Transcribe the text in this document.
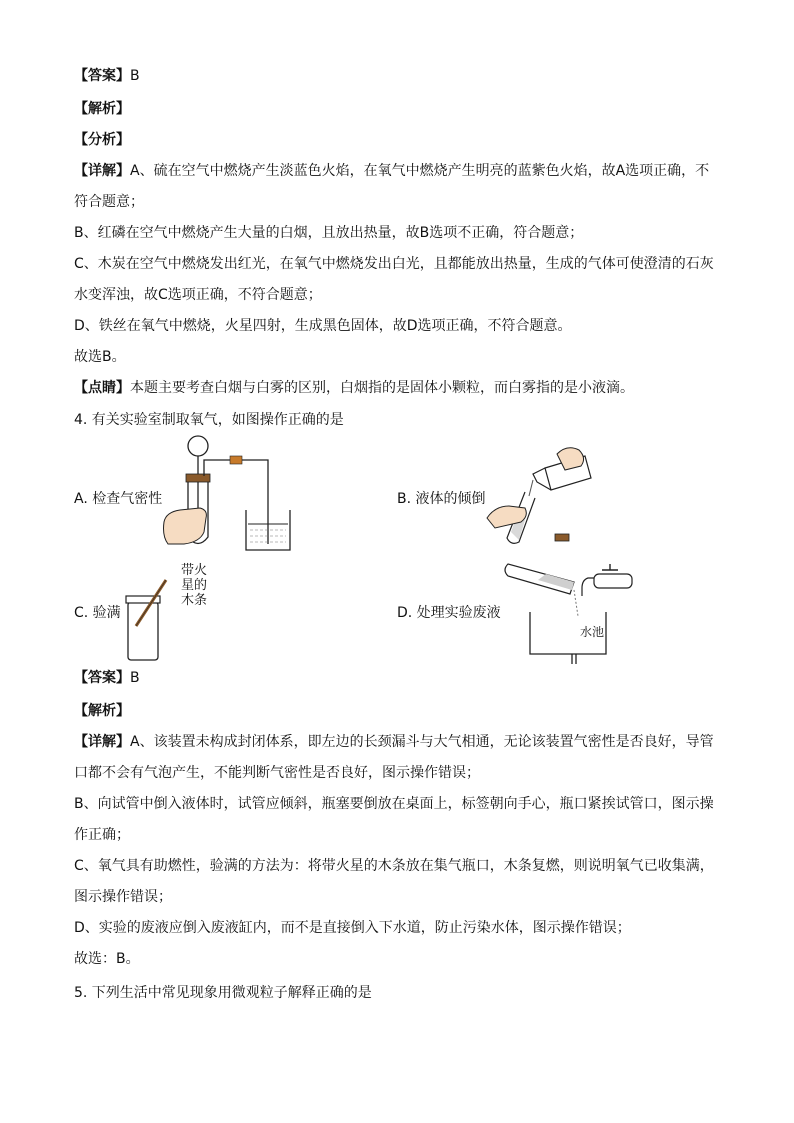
【答案】B
【解析】
【分析】
【详解】A、硫在空气中燃烧产生淡蓝色火焰，在氧气中燃烧产生明亮的蓝紫色火焰，故A选项正确，不
符合题意；
B、红磷在空气中燃烧产生大量的白烟，且放出热量，故B选项不正确，符合题意；
C、木炭在空气中燃烧发出红光，在氧气中燃烧发出白光，且都能放出热量，生成的气体可使澄清的石灰
水变浑浊，故C选项正确，不符合题意；
D、铁丝在氧气中燃烧，火星四射，生成黑色固体，故D选项正确，不符合题意。
故选B。
【点睛】本题主要考查白烟与白雾的区别，白烟指的是固体小颗粒，而白雾指的是小液滴。
4. 有关实验室制取氧气，如图操作正确的是
A. 检查气密性	B. 液体的倾倒
C. 验满
带火
星的
木条
D. 处理实验废液
水池
【答案】B
【解析】
【详解】A、该装置未构成封闭体系，即左边的长颈漏斗与大气相通，无论该装置气密性是否良好，导管
口都不会有气泡产生，不能判断气密性是否良好，图示操作错误；
B、向试管中倒入液体时，试管应倾斜，瓶塞要倒放在桌面上，标签朝向手心，瓶口紧挨试管口，图示操
作正确；
C、氧气具有助燃性，验满的方法为：将带火星的木条放在集气瓶口，木条复燃，则说明氧气已收集满，
图示操作错误；
D、实验的废液应倒入废液缸内，而不是直接倒入下水道，防止污染水体，图示操作错误；
故选：B。
5. 下列生活中常见现象用微观粒子解释正确的是
